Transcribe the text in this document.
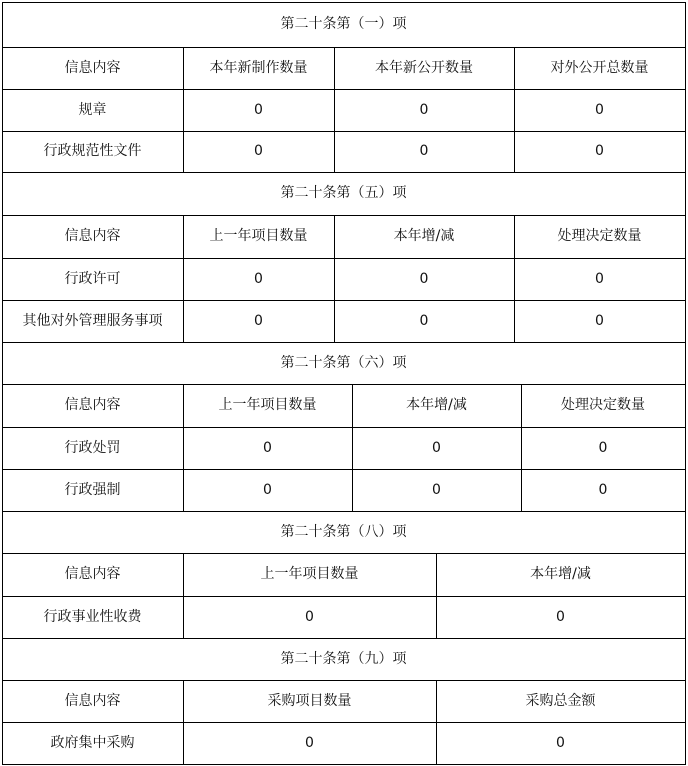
第二十条第（一）项
信息内容	本年新制作数量	本年新公开数量	对外公开总数量
规章	0	0	0
行政规范性文件	0	0	0
第二十条第（五）项
信息内容	上一年项目数量	本年增/减	处理决定数量
行政许可	0	0	0
其他对外管理服务事项	0	0	0
第二十条第（六）项
信息内容	上一年项目数量	本年增/减	处理决定数量
行政处罚	0	0	0
行政强制	0	0	0
第二十条第（八）项
信息内容	上一年项目数量	本年增/减
行政事业性收费	0	0
第二十条第（九）项
信息内容	采购项目数量	采购总金额
政府集中采购	0	0
